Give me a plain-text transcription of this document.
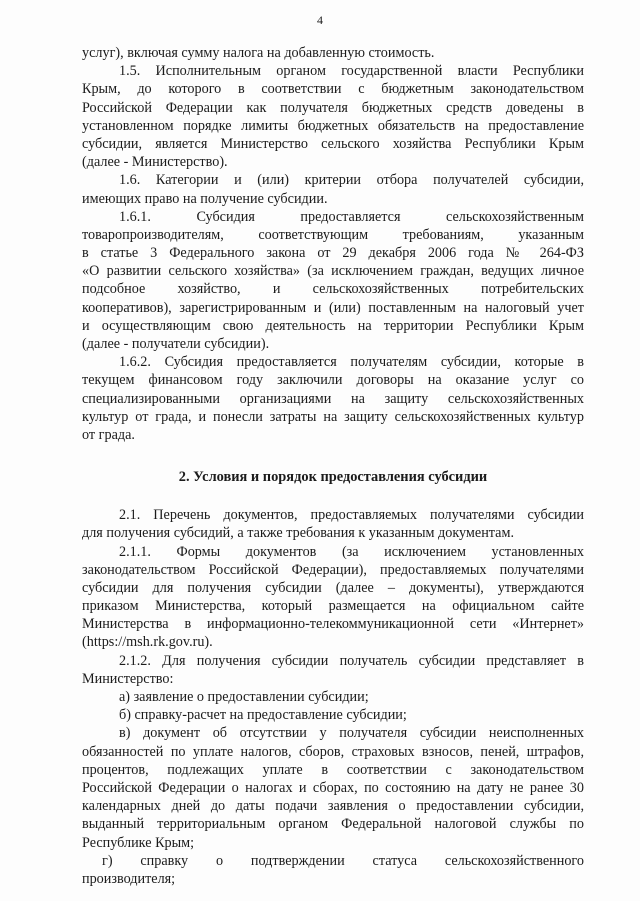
4
услуг), включая сумму налога на добавленную стоимость.
1.5. Исполнительным органом государственной власти Республики
Крым, до которого в соответствии с бюджетным законодательством
Российской Федерации как получателя бюджетных средств доведены в
установленном порядке лимиты бюджетных обязательств на предоставление
субсидии, является Министерство сельского хозяйства Республики Крым
(далее - Министерство).
1.6. Категории и (или) критерии отбора получателей субсидии,
имеющих право на получение субсидии.
1.6.1. Субсидия предоставляется сельскохозяйственным
товаропроизводителям, соответствующим требованиям, указанным
в статье 3 Федерального закона от 29 декабря 2006 года № 264-ФЗ
«О развитии сельского хозяйства» (за исключением граждан, ведущих личное
подсобное хозяйство, и сельскохозяйственных потребительских
кооперативов), зарегистрированным и (или) поставленным на налоговый учет
и осуществляющим свою деятельность на территории Республики Крым
(далее - получатели субсидии).
1.6.2. Субсидия предоставляется получателям субсидии, которые в
текущем финансовом году заключили договоры на оказание услуг со
специализированными организациями на защиту сельскохозяйственных
культур от града, и понесли затраты на защиту сельскохозяйственных культур
от града.
2. Условия и порядок предоставления субсидии
2.1. Перечень документов, предоставляемых получателями субсидии
для получения субсидий, а также требования к указанным документам.
2.1.1. Формы документов (за исключением установленных
законодательством Российской Федерации), предоставляемых получателями
субсидии для получения субсидии (далее – документы), утверждаются
приказом Министерства, который размещается на официальном сайте
Министерства в информационно-телекоммуникационной сети «Интернет»
(https://msh.rk.gov.ru).
2.1.2. Для получения субсидии получатель субсидии представляет в
Министерство:
а) заявление о предоставлении субсидии;
б) справку-расчет на предоставление субсидии;
в) документ об отсутствии у получателя субсидии неисполненных
обязанностей по уплате налогов, сборов, страховых взносов, пеней, штрафов,
процентов, подлежащих уплате в соответствии с законодательством
Российской Федерации о налогах и сборах, по состоянию на дату не ранее 30
календарных дней до даты подачи заявления о предоставлении субсидии,
выданный территориальным органом Федеральной налоговой службы по
Республике Крым;
г) справку о подтверждении статуса сельскохозяйственного
производителя;
